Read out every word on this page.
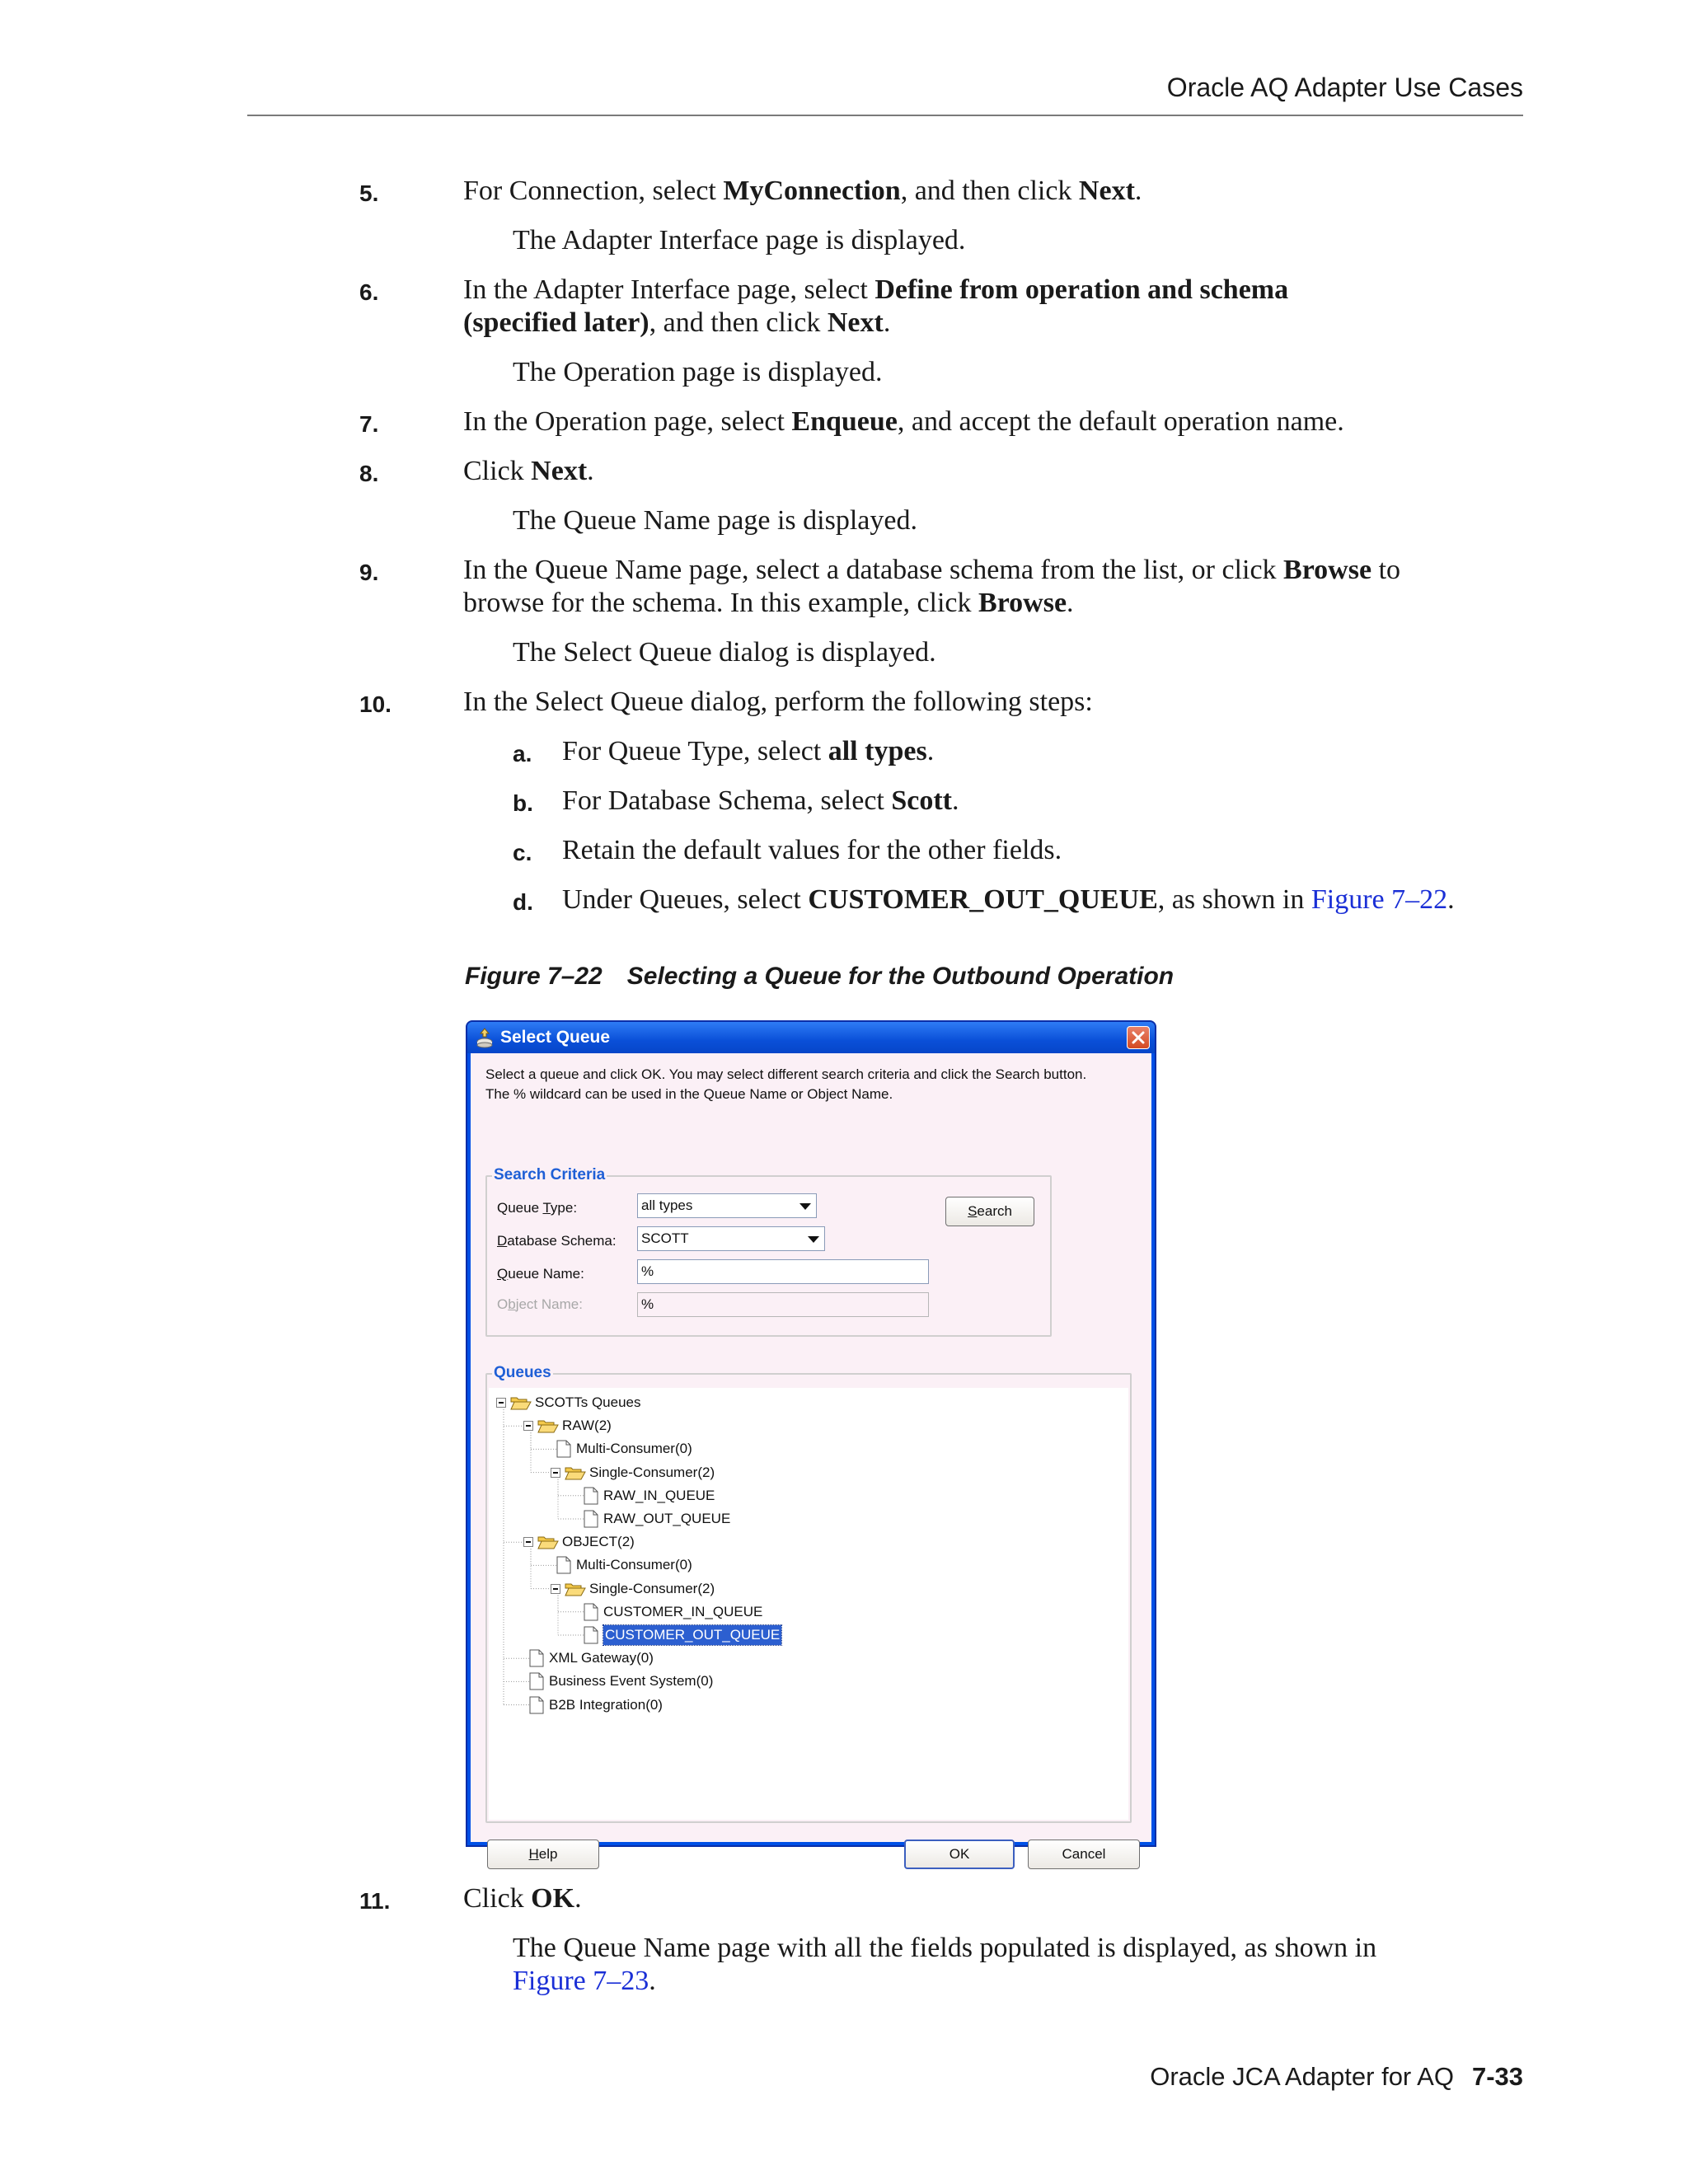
Oracle AQ Adapter Use Cases
5.	For Connection, select MyConnection, and then click Next.
The Adapter Interface page is displayed.
6.	In the Adapter Interface page, select Define from operation and schema
(specified later), and then click Next.
The Operation page is displayed.
7.	In the Operation page, select Enqueue, and accept the default operation name.
8.	Click Next.
The Queue Name page is displayed.
9.	In the Queue Name page, select a database schema from the list, or click Browse to
browse for the schema. In this example, click Browse.
The Select Queue dialog is displayed.
10.	In the Select Queue dialog, perform the following steps:
a.	For Queue Type, select all types.
b.	For Database Schema, select Scott.
c.	Retain the default values for the other fields.
d.	Under Queues, select CUSTOMER_OUT_QUEUE, as shown in Figure 7–22.
Figure 7–22 Selecting a Queue for the Outbound Operation
Select Queue
Select a queue and click OK. You may select different search criteria and click the Search button.
The % wildcard can be used in the Queue Name or Object Name.
Search Criteria
Queue Type:	all types
Database Schema: SCOTT
Queue Name:	%
Object Name:	%
Search
Queues
SCOTTs Queues
RAW(2)
Multi-Consumer(0)
Single-Consumer(2)
RAW_IN_QUEUE
RAW_OUT_QUEUE
OBJECT(2)
Multi-Consumer(0)
Single-Consumer(2)
CUSTOMER_IN_QUEUE
CUSTOMER_OUT_QUEUE
XML Gateway(0)
Business Event System(0)
B2B Integration(0)
Help	OK	Cancel
11.	Click OK.
The Queue Name page with all the fields populated is displayed, as shown in
Figure 7–23.
Oracle JCA Adapter for AQ 7-33
